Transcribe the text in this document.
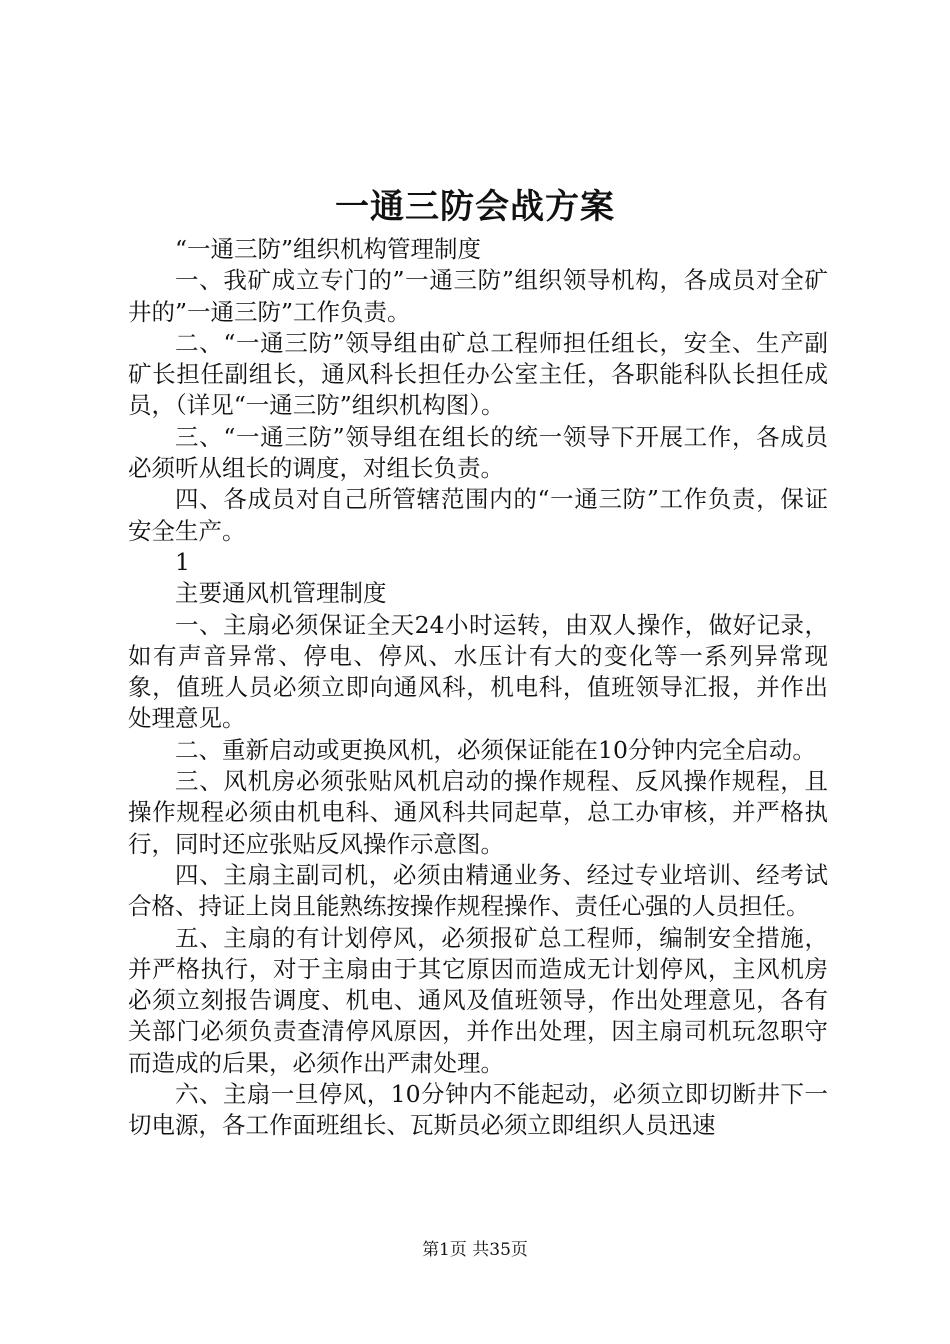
一通三防会战方案

“一通三防”组织机构管理制度

一、我矿成立专门的”一通三防”组织领导机构，各成员对全矿井的”一通三防”工作负责。

二、“一通三防”领导组由矿总工程师担任组长，安全、生产副矿长担任副组长，通风科长担任办公室主任，各职能科队长担任成员，（详见“一通三防”组织机构图）。

三、“一通三防”领导组在组长的统一领导下开展工作，各成员必须听从组长的调度，对组长负责。

四、各成员对自己所管辖范围内的“一通三防”工作负责，保证安全生产。

1

主要通风机管理制度

一、主扇必须保证全天24小时运转，由双人操作，做好记录，如有声音异常、停电、停风、水压计有大的变化等一系列异常现象，值班人员必须立即向通风科，机电科，值班领导汇报，并作出处理意见。

二、重新启动或更换风机，必须保证能在10分钟内完全启动。

三、风机房必须张贴风机启动的操作规程、反风操作规程，且操作规程必须由机电科、通风科共同起草，总工办审核，并严格执行，同时还应张贴反风操作示意图。

四、主扇主副司机，必须由精通业务、经过专业培训、经考试合格、持证上岗且能熟练按操作规程操作、责任心强的人员担任。

五、主扇的有计划停风，必须报矿总工程师，编制安全措施，并严格执行，对于主扇由于其它原因而造成无计划停风，主风机房必须立刻报告调度、机电、通风及值班领导，作出处理意见，各有关部门必须负责查清停风原因，并作出处理，因主扇司机玩忽职守而造成的后果，必须作出严肃处理。

六、主扇一旦停风，10分钟内不能起动，必须立即切断井下一切电源，各工作面班组长、瓦斯员必须立即组织人员迅速

第1页 共35页
